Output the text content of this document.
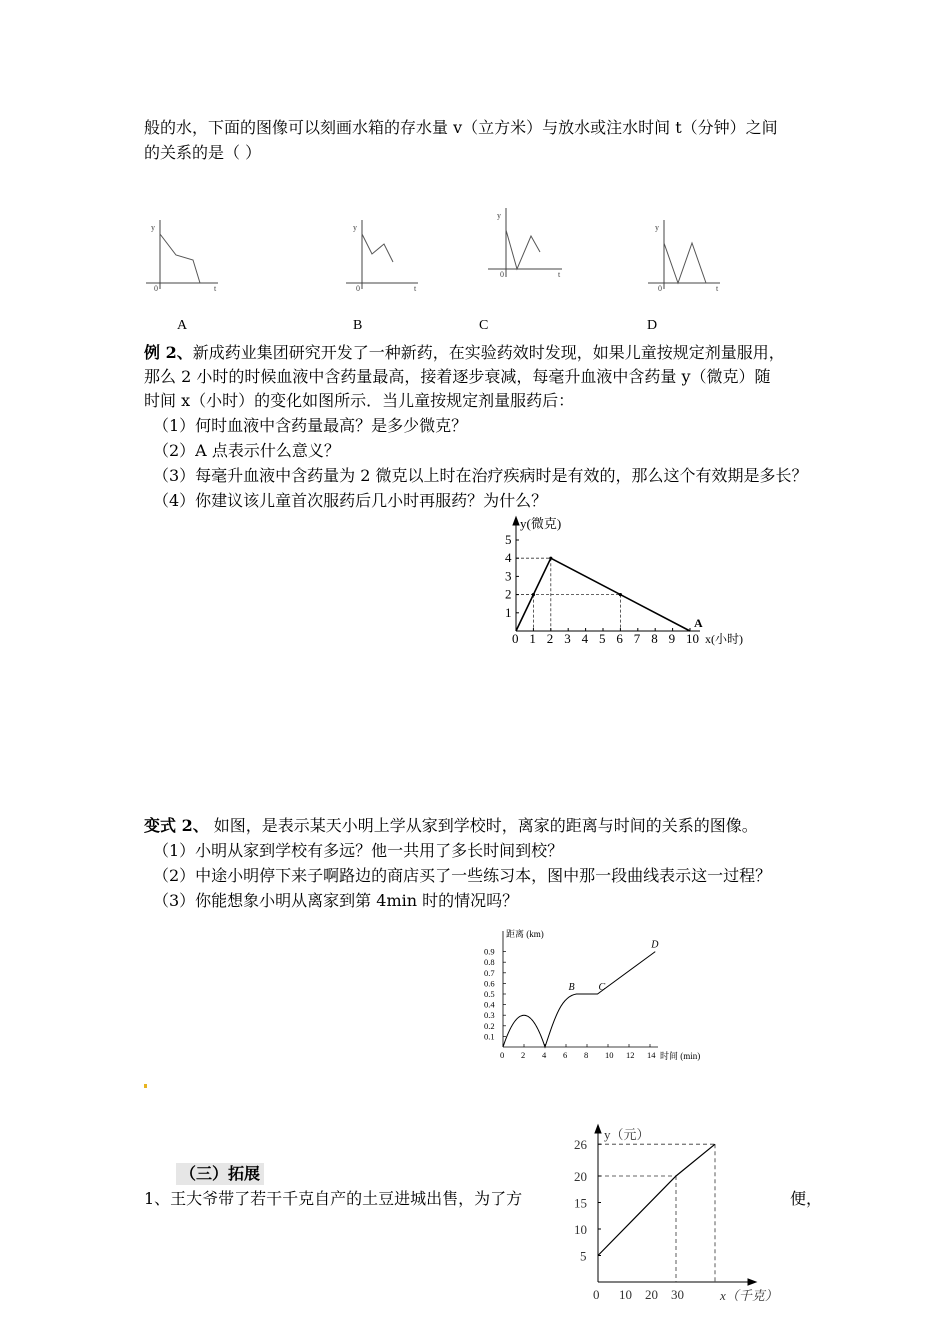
般的水，下面的图像可以刻画水箱的存水量 v（立方米）与放水或注水时间 t（分钟）之间
的关系的是（ ）
y
0	t
y
0	t
y
0	t
y
0	t
A	B	C	D
例 2、新成药业集团研究开发了一种新药，在实验药效时发现，如果儿童按规定剂量服用，
那么 2 小时的时候血液中含药量最高，接着逐步衰减，每毫升血液中含药量 y（微克）随
时间 x（小时）的变化如图所示．当儿童按规定剂量服药后：
（1）何时血液中含药量最高？是多少微克？
（2）A 点表示什么意义？
（3）每毫升血液中含药量为 2 微克以上时在治疗疾病时是有效的，那么这个有效期是多长？
（4）你建议该儿童首次服药后几小时再服药？为什么？
0 1 2 3 4 5 6 7 8 9 10
1
2
3
4
5
y(微克)
x(小时)
A
变式 2、 如图，是表示某天小明上学从家到学校时，离家的距离与时间的关系的图像。
（1）小明从家到学校有多远？他一共用了多长时间到校？
（2）中途小明停下来子啊路边的商店买了一些练习本，图中那一段曲线表示这一过程？
（3）你能想象小明从离家到第 4min 时的情况吗？
0 2 4 6 8 10 12 14
0.1
0.2
0.3
0.4
0.5
0.6
0.7
0.8
0.9
B C
D
距离 (km)
时间 (min)
（三）拓展
1、王大爷带了若干千克自产的土豆进城出售，为了方	便，
0 10 20 30
5
10
15
20
26
y（元）
x（千克）
